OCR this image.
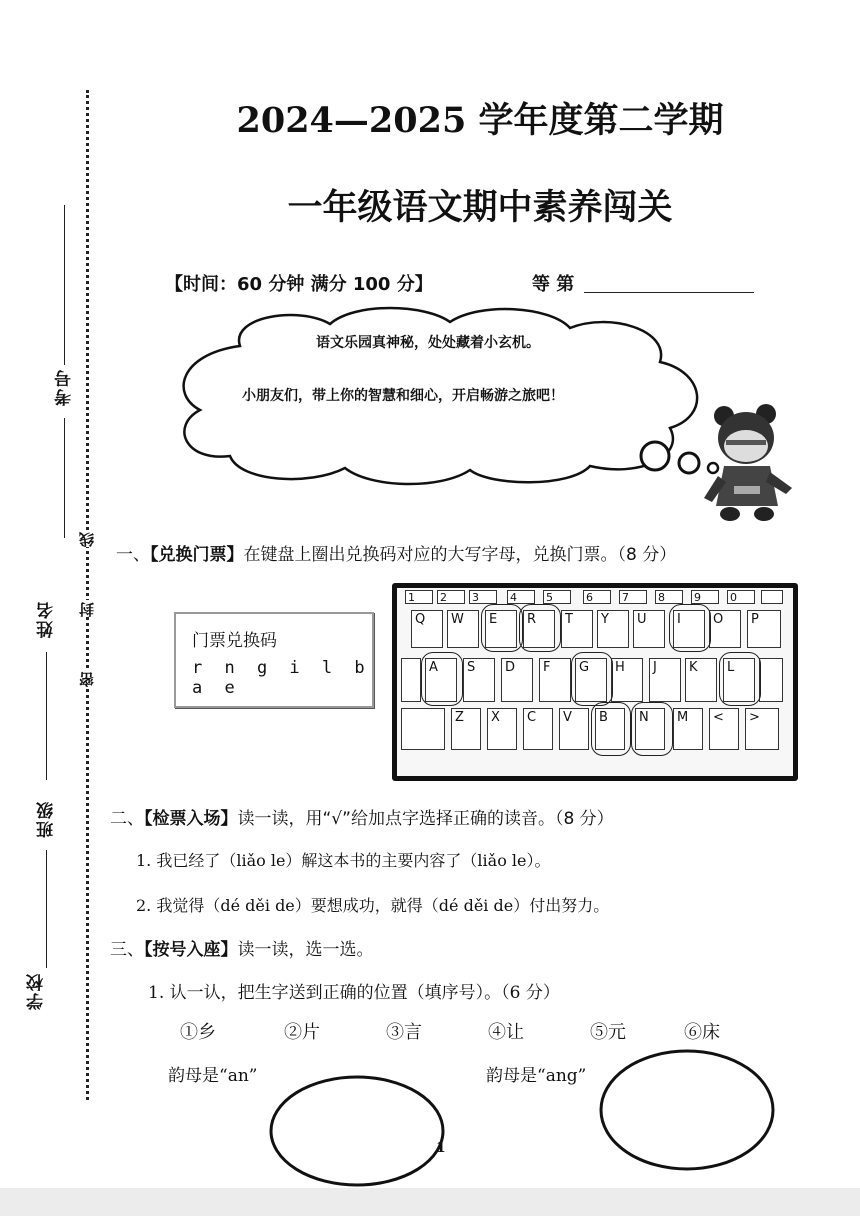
考号
姓名
班级
学校
线
封
密
2024—2025 学年度第二学期
一年级语文期中素养闯关
【时间：60 分钟 满分 100 分】	等 第
语文乐园真神秘，处处藏着小玄机。
小朋友们，带上你的智慧和细心，开启畅游之旅吧！
一、【兑换门票】在键盘上圈出兑换码对应的大写字母，兑换门票。（8 分）
门票兑换码
r n g i l b a e
1	2	3	4	5	6	7	8	9	0
Q	W	E	R	T	Y	U	I	O	P
A	S	D	F	G	H	J	K	L
Z	X	C	V	B	N	M	<	>
二、【检票入场】读一读，用“√”给加点字选择正确的读音。（8 分）
1. 我已经了（liǎo le）解这本书的主要内容了（liǎo le）。
2. 我觉得（dé děi de）要想成功，就得（dé děi de）付出努力。
三、【按号入座】读一读，选一选。
1. 认一认，把生字送到正确的位置（填序号）。（6 分）
①乡	②片	③言	④让	⑤元	⑥床
韵母是“an”	韵母是“ang”
1
